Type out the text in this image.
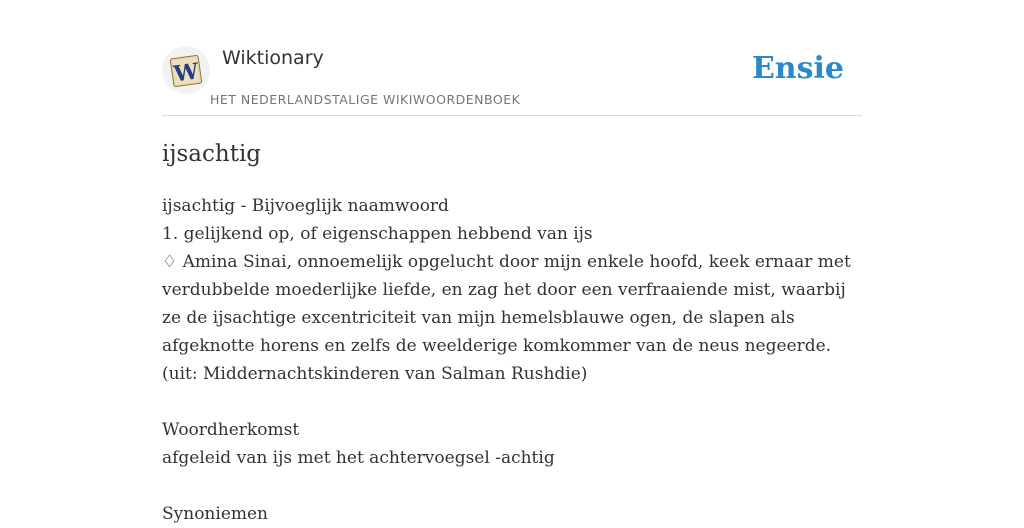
W
Wiktionary
HET NEDERLANDSTALIGE WIKIWOORDENBOEK
Ensie
ijsachtig
ijsachtig - Bijvoeglijk naamwoord
1. gelijkend op, of eigenschappen hebbend van ijs
♢ Amina Sinai, onnoemelijk opgelucht door mijn enkele hoofd, keek ernaar met verdubbelde moederlijke liefde, en zag het door een verfraaiende mist, waarbij ze de ijsachtige excentriciteit van mijn hemelsblauwe ogen, de slapen als afgeknotte horens en zelfs de weelderige komkommer van de neus negeerde.(uit: Middernachtskinderen van Salman Rushdie)
Woordherkomst
afgeleid van ijs met het achtervoegsel -achtig
Synoniemen
